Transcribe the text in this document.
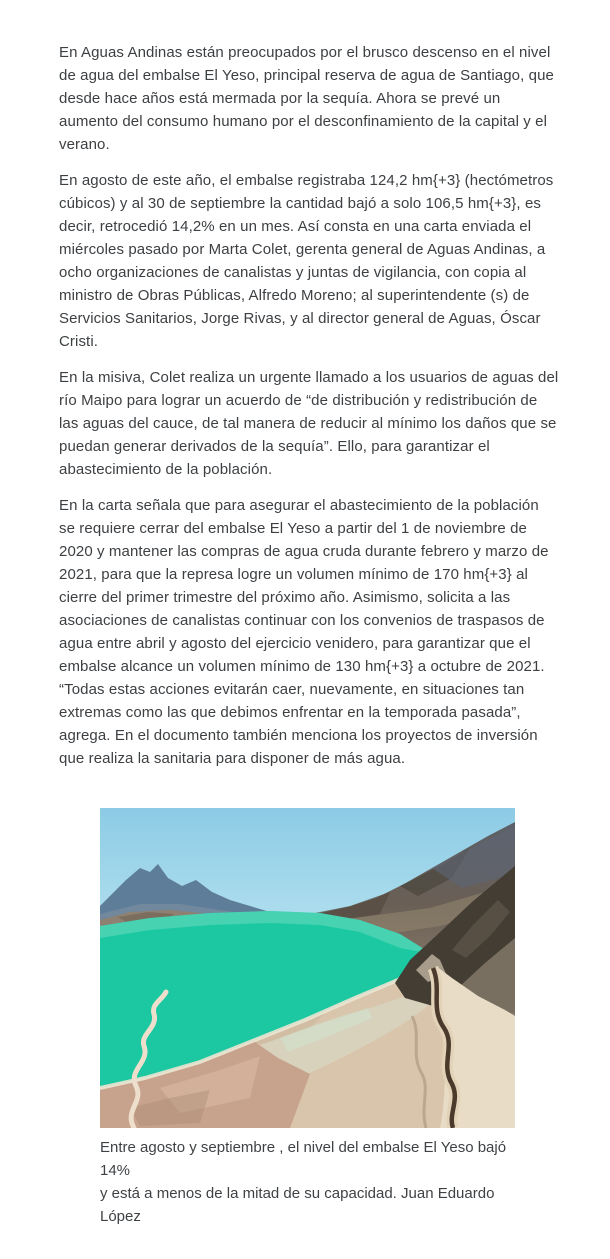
En Aguas Andinas están preocupados por el brusco descenso en el nivel de agua del embalse El Yeso, principal reserva de agua de Santiago, que desde hace años está mermada por la sequía. Ahora se prevé un aumento del consumo humano por el desconfinamiento de la capital y el verano.

En agosto de este año, el embalse registraba 124,2 hm{+3} (hectómetros cúbicos) y al 30 de septiembre la cantidad bajó a solo 106,5 hm{+3}, es decir, retrocedió 14,2% en un mes. Así consta en una carta enviada el miércoles pasado por Marta Colet, gerenta general de Aguas Andinas, a ocho organizaciones de canalistas y juntas de vigilancia, con copia al ministro de Obras Públicas, Alfredo Moreno; al superintendente (s) de Servicios Sanitarios, Jorge Rivas, y al director general de Aguas, Óscar Cristi.

En la misiva, Colet realiza un urgente llamado a los usuarios de aguas del río Maipo para lograr un acuerdo de “de distribución y redistribución de las aguas del cauce, de tal manera de reducir al mínimo los daños que se puedan generar derivados de la sequía”. Ello, para garantizar el abastecimiento de la población.

En la carta señala que para asegurar el abastecimiento de la población se requiere cerrar del embalse El Yeso a partir del 1 de noviembre de 2020 y mantener las compras de agua cruda durante febrero y marzo de 2021, para que la represa logre un volumen mínimo de 170 hm{+3} al cierre del primer trimestre del próximo año. Asimismo, solicita a las asociaciones de canalistas continuar con los convenios de traspasos de agua entre abril y agosto del ejercicio venidero, para garantizar que el embalse alcance un volumen mínimo de 130 hm{+3} a octubre de 2021. “Todas estas acciones evitarán caer, nuevamente, en situaciones tan extremas como las que debimos enfrentar en la temporada pasada”, agrega. En el documento también menciona los proyectos de inversión que realiza la sanitaria para disponer de más agua.

Entre agosto y septiembre , el nivel del embalse El Yeso bajó 14%
y está a menos de la mitad de su capacidad. Juan Eduardo López
